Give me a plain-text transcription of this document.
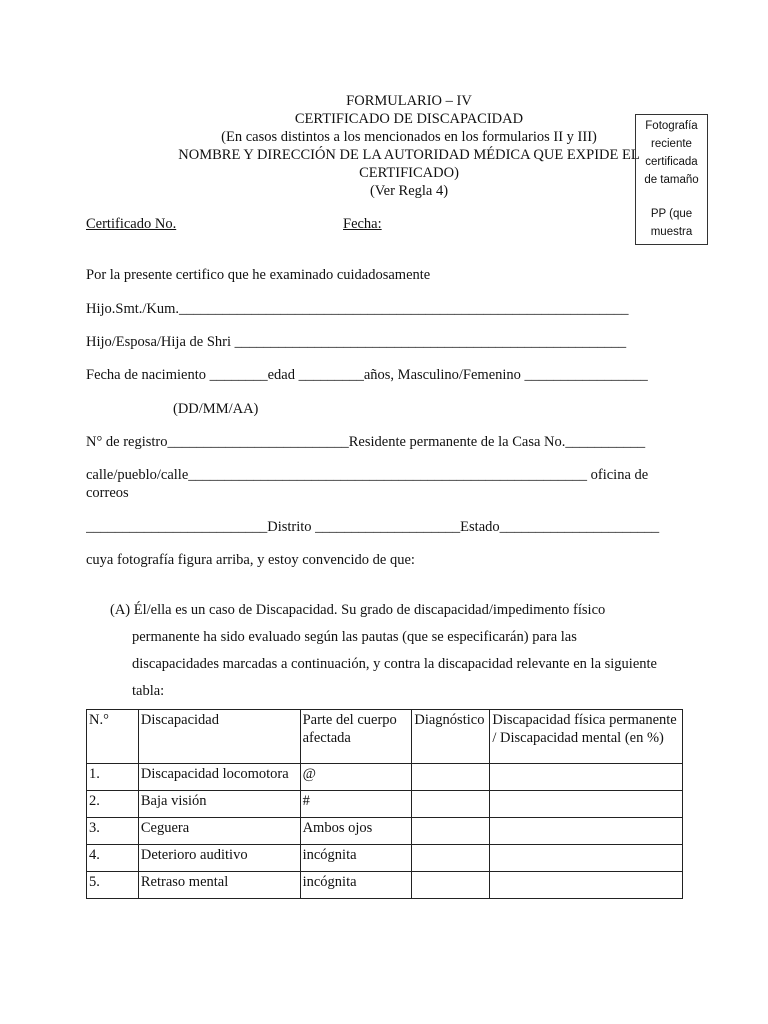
FORMULARIO – IV
CERTIFICADO DE DISCAPACIDAD
(En casos distintos a los mencionados en los formularios II y III)
NOMBRE Y DIRECCIÓN DE LA AUTORIDAD MÉDICA QUE EXPIDE EL
CERTIFICADO)
(Ver Regla 4)
Fotografía
reciente
certificada
de tamaño
PP (que
muestra
Certificado No.	Fecha:
Por la presente certifico que he examinado cuidadosamente
Hijo.Smt./Kum.______________________________________________________________
Hijo/Esposa/Hija de Shri ______________________________________________________
Fecha de nacimiento ________edad _________años, Masculino/Femenino _________________
(DD/MM/AA)
N° de registro_________________________Residente permanente de la Casa No.___________
calle/pueblo/calle_______________________________________________________ oficina de
correos
_________________________Distrito ____________________Estado______________________
cuya fotografía figura arriba, y estoy convencido de que:
(A) Él/ella es un caso de Discapacidad. Su grado de discapacidad/impedimento físico
permanente ha sido evaluado según las pautas (que se especificarán) para las
discapacidades marcadas a continuación, y contra la discapacidad relevante en la siguiente
tabla:
N.°	Discapacidad	Parte del cuerpo afectada	Diagnóstico	Discapacidad física permanente / Discapacidad mental (en %)
1.	Discapacidad locomotora	@		
2.	Baja visión	#		
3.	Ceguera	Ambos ojos		
4.	Deterioro auditivo	incógnita		
5.	Retraso mental	incógnita		
